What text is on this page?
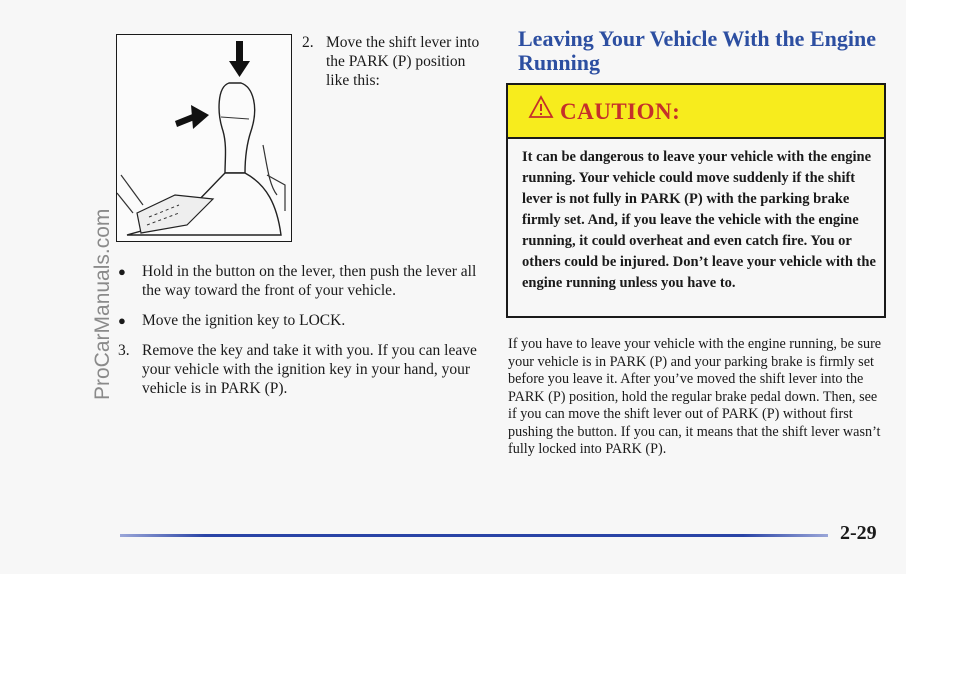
2. Move the shift lever into the PARK (P) position like this:
●	Hold in the button on the lever, then push the lever all the way toward the front of your vehicle.
●	Move the ignition key to LOCK.
3. Remove the key and take it with you. If you can leave your vehicle with the ignition key in your hand, your vehicle is in PARK (P).
Leaving Your Vehicle With the Engine Running
CAUTION:
It can be dangerous to leave your vehicle with the engine running. Your vehicle could move suddenly if the shift lever is not fully in PARK (P) with the parking brake firmly set. And, if you leave the vehicle with the engine running, it could overheat and even catch fire. You or others could be injured. Don’t leave your vehicle with the engine running unless you have to.
If you have to leave your vehicle with the engine running, be sure your vehicle is in PARK (P) and your parking brake is firmly set before you leave it. After you’ve moved the shift lever into the PARK (P) position, hold the regular brake pedal down. Then, see if you can move the shift lever out of PARK (P) without first pushing the button. If you can, it means that the shift lever wasn’t fully locked into PARK (P).
2-29
ProCarManuals.com
